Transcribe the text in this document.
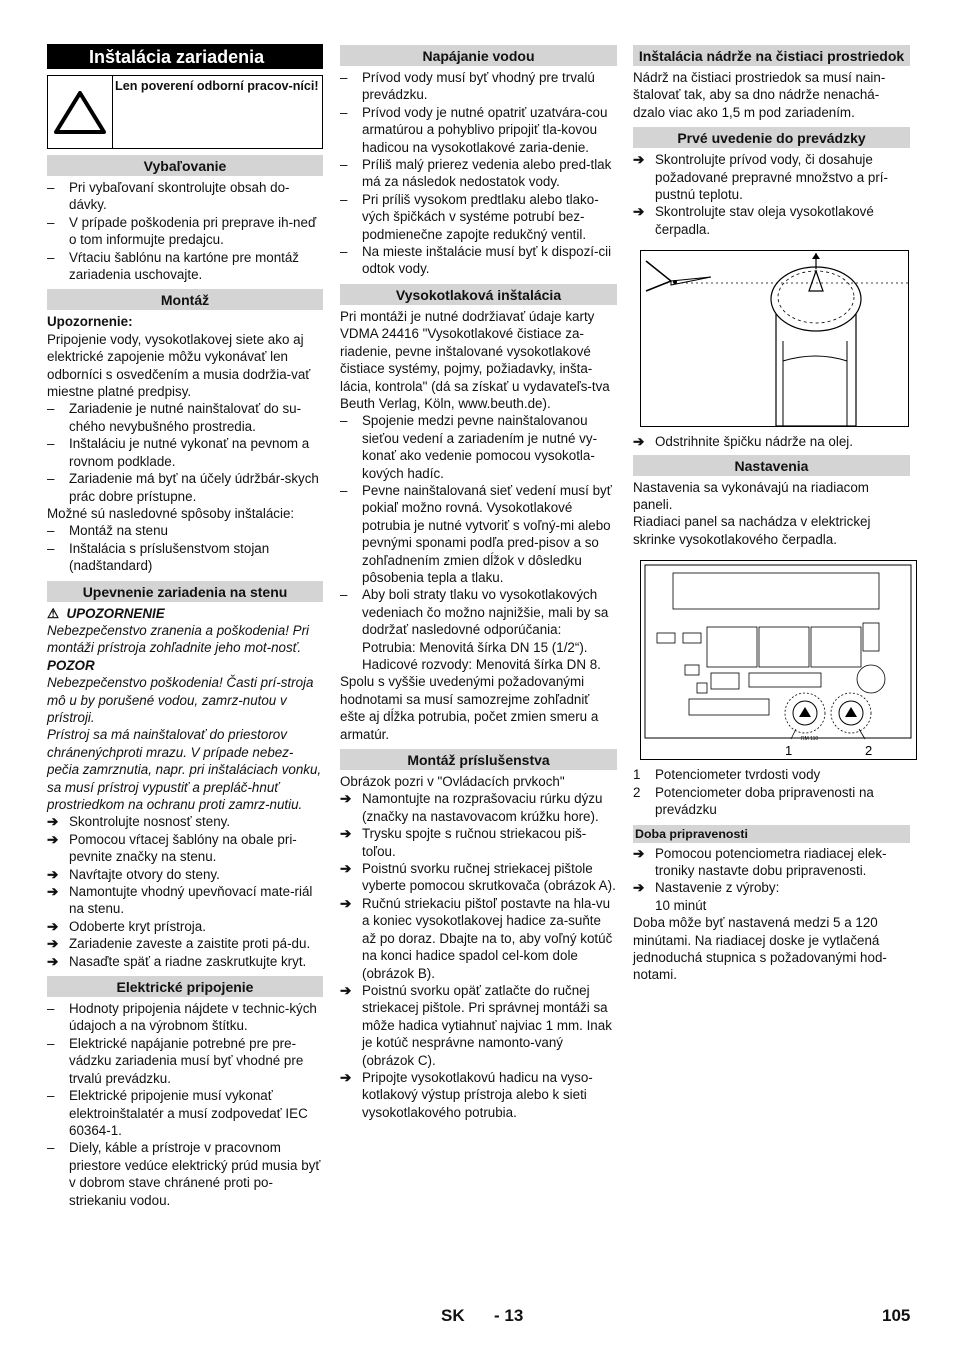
Inštalácia zariadenia
Len poverení odborní pracov-níci!
Vybaľovanie
– Pri vybaľovaní skontrolujte obsah do-dávky.
– V prípade poškodenia pri preprave ih-neď o tom informujte predajcu.
– Vŕtaciu šablónu na kartóne pre montáž zariadenia uschovajte.
Montáž

Upozornenie:

Pripojenie vody, vysokotlakovej siete ako aj elektrické zapojenie môžu vykonávať len odborníci s osvedčením a musia dodržia-vať miestne platné predpisy.

– Zariadenie je nutné nainštalovať do su-chého nevybušného prostredia.
– Inštaláciu je nutné vykonať na pevnom a rovnom podklade.
– Zariadenie má byť na účely údržbár-skych prác dobre prístupne.

Možné sú nasledovné spôsoby inštalácie:

– Montáž na stenu
– Inštalácia s príslušenstvom stojan (nadštandard)
Upevnenie zariadenia na stenu

⚠  UPOZORNENIE

Nebezpečenstvo zranenia a poškodenia! Pri montáži prístroja zohľadnite jeho mot-nosť.

POZOR

Nebezpečenstvo poškodenia! Časti prí-stroja mô u by porušené vodou, zamrz-nutou v prístroji.

Prístroj sa má nainštalovať do priestorov chránenýchproti mrazu. V prípade nebez-pečia zamrznutia, napr. pri inštaláciach vonku, sa musí prístroj vypustiť a prepláč-hnuť prostriedkom na ochranu proti zamrz-nutiu.

➔ Skontrolujte nosnosť steny.
➔ Pomocou vŕtacej šablóny na obale pri-pevnite značky na stenu.
➔ Navŕtajte otvory do steny.
➔ Namontujte vhodný upevňovací mate-riál na stenu.
➔ Odoberte kryt prístroja.
➔ Zariadenie zaveste a zaistite proti pá-du.
➔ Nasaďte späť a riadne zaskrutkujte kryt.
Elektrické pripojenie
– Hodnoty pripojenia nájdete v technic-kých údajoch a na výrobnom štítku.
– Elektrické napájanie potrebné pre pre-vádzku zariadenia musí byť vhodné pre trvalú prevádzku.
– Elektrické pripojenie musí vykonať elektroinštalatér a musí zodpovedať IEC 60364-1.
– Diely, káble a prístroje v pracovnom priestore vedúce elektrický prúd musia byť v dobrom stave chránené proti po-striekaniu vodou.
Napájanie vodou
– Prívod vody musí byť vhodný pre trvalú prevádzku.
– Prívod vody je nutné opatriť uzatvára-cou armatúrou a pohyblivo pripojiť tla-kovou hadicou na vysokotlakové zaria-denie.
– Príliš malý prierez vedenia alebo pred-tlak má za následok nedostatok vody.
– Pri príliš vysokom predtlaku alebo tlako-vých špičkách v systéme potrubí bez-podmienečne zapojte redukčný ventil.
– Na mieste inštalácie musí byť k dispozí-cii odtok vody.
Vysokotlaková inštalácia

Pri montáži je nutné dodržiavať údaje karty VDMA 24416 "Vysokotlakové čistiace za-riadenie, pevne inštalované vysokotlakové čistiace systémy, pojmy, požiadavky, inšta-lácia, kontrola" (dá sa získať u vydavateľs-tva Beuth Verlag, Köln, www.beuth.de).

– Spojenie medzi pevne nainštalovanou sieťou vedení a zariadením je nutné vy-konať ako vedenie pomocou vysokotla-kových hadíc.
– Pevne nainštalovaná sieť vedení musí byť pokiaľ možno rovná. Vysokotlakové potrubia je nutné vytvoriť s voľný-mi alebo pevnými sponami podľa pred-pisov a so zohľadnením zmien dĺžok v dôsledku pôsobenia tepla a tlaku.
– Aby boli straty tlaku vo vysokotlakových vedeniach čo možno najnižšie, mali by sa dodržať nasledovné odporúčania: Potrubia: Menovitá šírka DN 15 (1/2“). Hadicové rozvody: Menovitá šírka DN 8.

Spolu s vyššie uvedenými požadovanými hodnotami sa musí samozrejme zohľadniť ešte aj dĺžka potrubia, počet zmien smeru a armatúr.

Montáž príslušenstva

Obrázok pozri v "Ovládacích prvkoch"

➔ Namontujte na rozprašovaciu rúrku dýzu (značky na nastavovacom krúžku hore).
➔ Trysku spojte s ručnou striekacou piš-toľou.
➔ Poistnú svorku ručnej striekacej pištole vyberte pomocou skrutkovača (obrázok A).
➔ Ručnú striekaciu pištoľ postavte na hla-vu a koniec vysokotlakovej hadice za-suňte až po doraz. Dbajte na to, aby voľný kotúč na konci hadice spadol cel-kom dole (obrázok B).
➔ Poistnú svorku opäť zatlačte do ručnej striekacej pištole. Pri správnej montáži sa môže hadica vytiahnuť najviac 1 mm. Inak je kotúč nesprávne namonto-vaný (obrázok C).
➔ Pripojte vysokotlakovú hadicu na vyso-kotlakový výstup prístroja alebo k sieti vysokotlakového potrubia.
Inštalácia nádrže na čistiaci prostriedok

Nádrž na čistiaci prostriedok sa musí nain-štalovať tak, aby sa dno nádrže nenachá-dzalo viac ako 1,5 m pod zariadením.

Prvé uvedenie do prevádzky
➔ Skontrolujte prívod vody, či dosahuje požadované prepravné množstvo a prí-pustnú teplotu.
➔ Skontrolujte stav oleja vysokotlakové čerpadla.
➔ Odstrihnite špičku nádrže na olej.
Nastavenia

Nastavenia sa vykonávajú na riadiacom paneli.

Riadiaci panel sa nachádza v elektrickej skrinke vysokotlakového čerpadla.

RM 110
1	2
1 Potenciometer tvrdosti vody
2 Potenciometer doba pripravenosti na prevádzku
Doba pripravenosti
➔ Pomocou potenciometra riadiacej elek-troniky nastavte dobu pripravenosti.
➔ Nastavenie z výroby:

10 minút

Doba môže byť nastavená medzi 5 a 120 minútami. Na riadiacej doske je vytlačená jednoduchá stupnica s požadovanými hod-notami.

SK - 13	105
